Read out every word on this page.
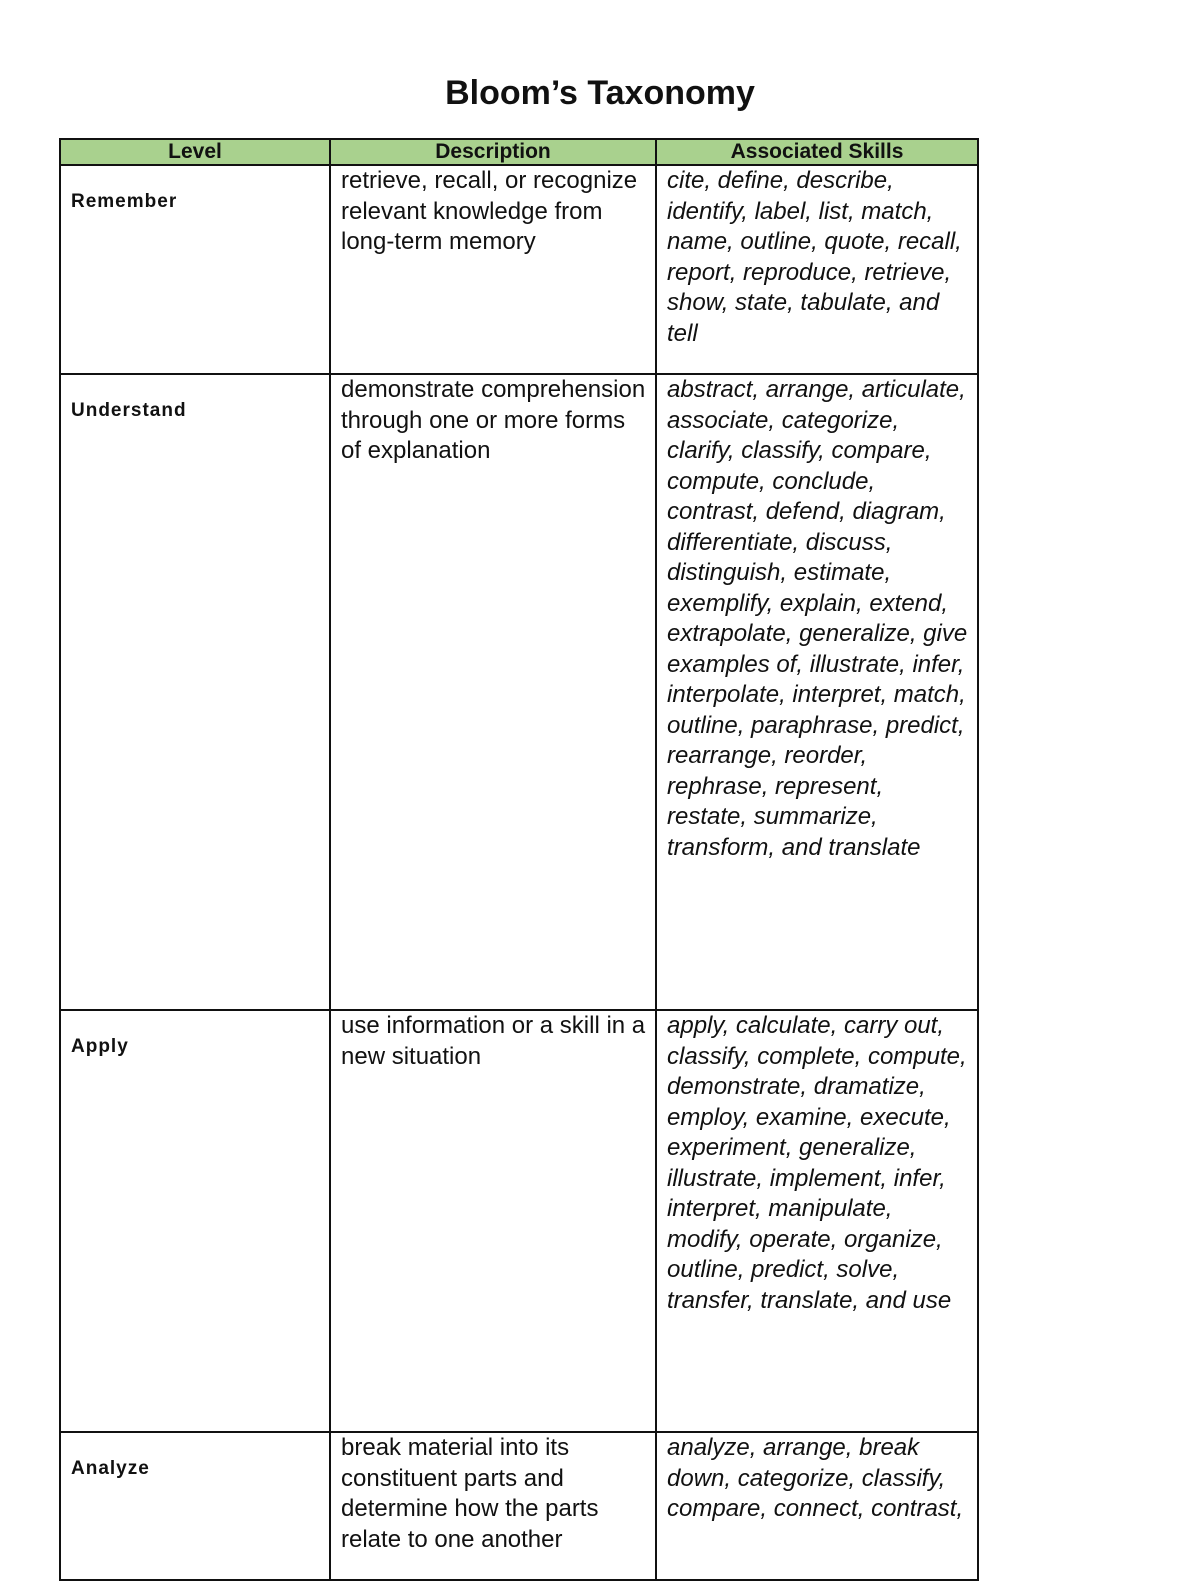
Bloom’s Taxonomy
Level	Description	Associated Skills
Remember	retrieve, recall, or recognize relevant knowledge from long-term memory	cite, define, describe, identify, label, list, match, name, outline, quote, recall, report, reproduce, retrieve, show, state, tabulate, and tell
Understand	demonstrate comprehension through one or more forms of explanation	abstract, arrange, articulate, associate, categorize, clarify, classify, compare, compute, conclude, contrast, defend, diagram, differentiate, discuss, distinguish, estimate, exemplify, explain, extend, extrapolate, generalize, give examples of, illustrate, infer, interpolate, interpret, match, outline, paraphrase, predict, rearrange, reorder, rephrase, represent, restate, summarize, transform, and translate
Apply	use information or a skill in a new situation	apply, calculate, carry out, classify, complete, compute, demonstrate, dramatize, employ, examine, execute, experiment, generalize, illustrate, implement, infer, interpret, manipulate, modify, operate, organize, outline, predict, solve, transfer, translate, and use
Analyze	break material into its constituent parts and determine how the parts relate to one another	analyze, arrange, break down, categorize, classify, compare, connect, contrast,
